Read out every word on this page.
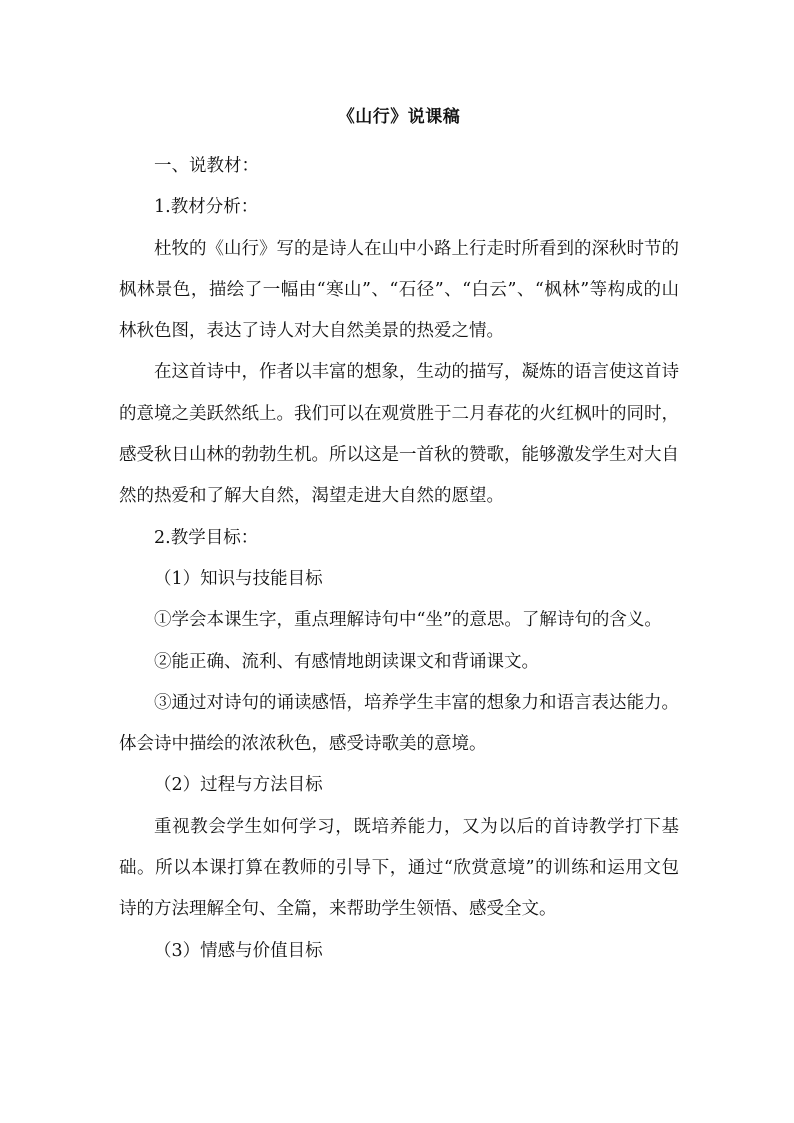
《山行》说课稿

一、说教材：

1.教材分析：

杜牧的《山行》写的是诗人在山中小路上行走时所看到的深秋时节的枫林景色，描绘了一幅由“寒山”、“石径”、“白云”、“枫林”等构成的山林秋色图，表达了诗人对大自然美景的热爱之情。

在这首诗中，作者以丰富的想象，生动的描写，凝炼的语言使这首诗的意境之美跃然纸上。我们可以在观赏胜于二月春花的火红枫叶的同时，感受秋日山林的勃勃生机。所以这是一首秋的赞歌，能够激发学生对大自然的热爱和了解大自然，渴望走进大自然的愿望。

2.教学目标：

（1）知识与技能目标

①学会本课生字，重点理解诗句中“坐”的意思。了解诗句的含义。

②能正确、流利、有感情地朗读课文和背诵课文。

③通过对诗句的诵读感悟，培养学生丰富的想象力和语言表达能力。体会诗中描绘的浓浓秋色，感受诗歌美的意境。

（2）过程与方法目标

重视教会学生如何学习，既培养能力，又为以后的首诗教学打下基础。所以本课打算在教师的引导下，通过“欣赏意境”的训练和运用文包诗的方法理解全句、全篇，来帮助学生领悟、感受全文。

（3）情感与价值目标
